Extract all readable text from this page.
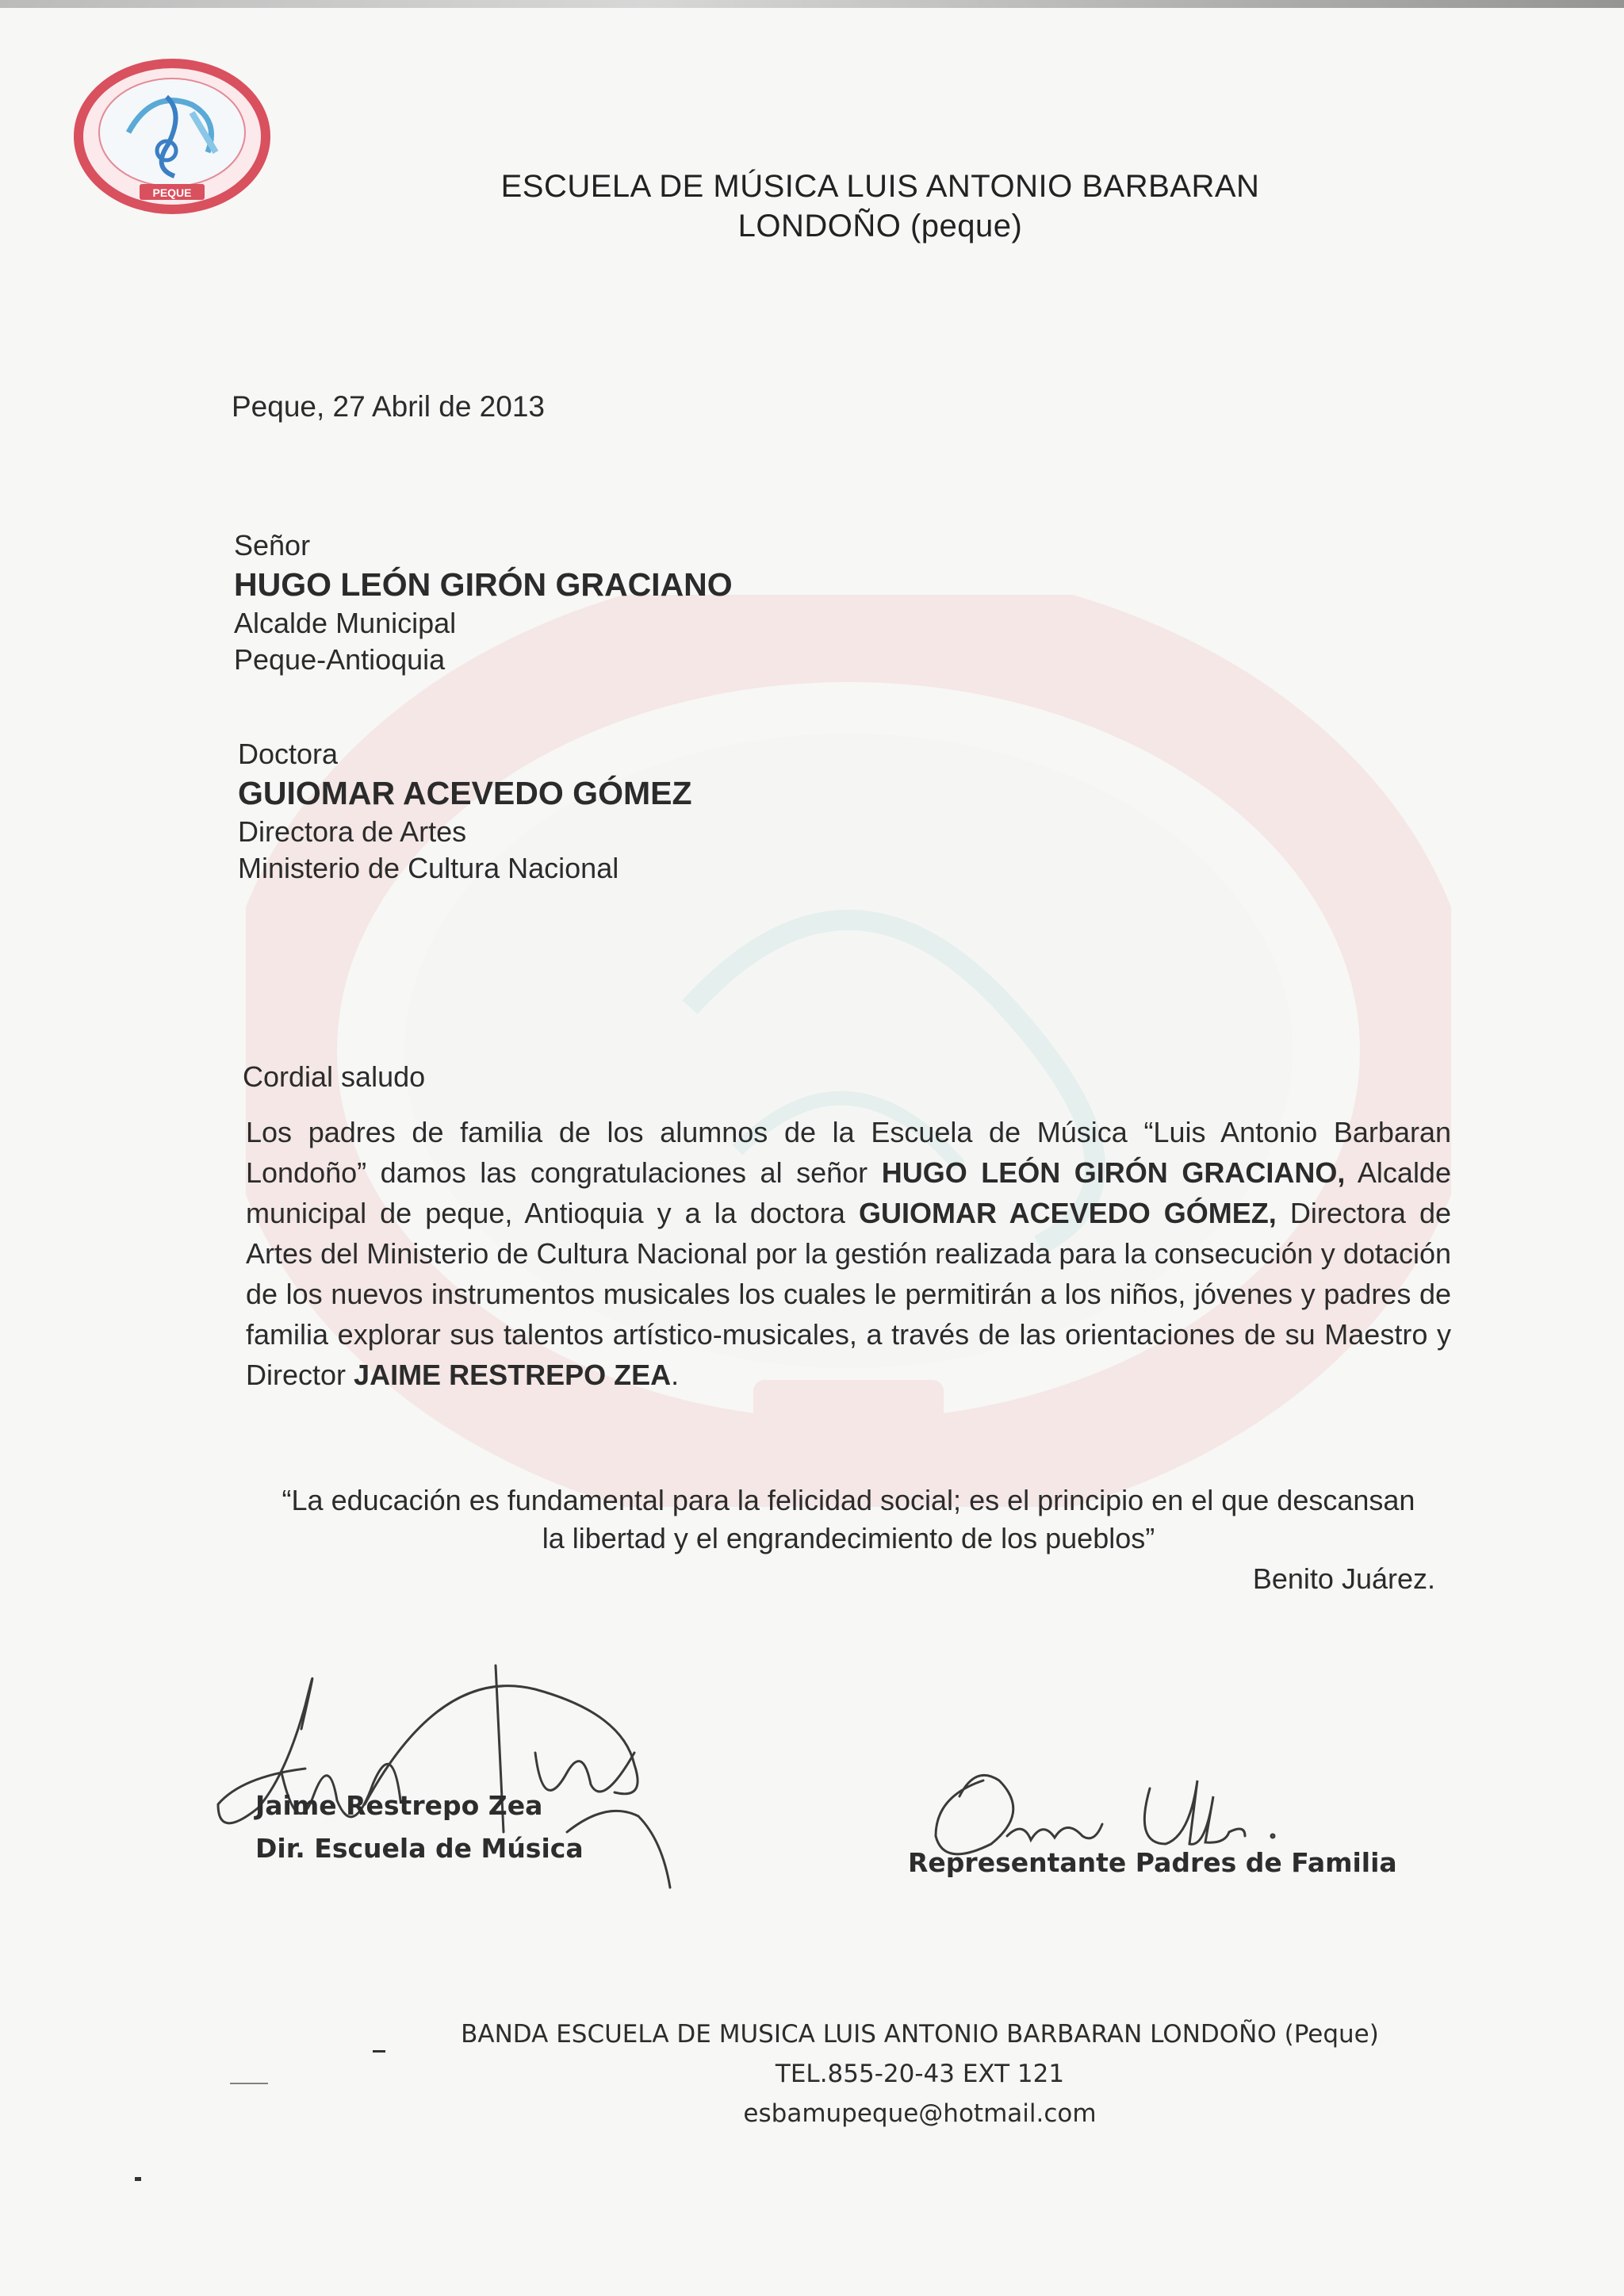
PEQUE	ESCUELA DE MÚSICA LUIS ANTONIO BARBARAN
LONDOÑO (peque)
Peque, 27 Abril de 2013
Señor
HUGO LEÓN GIRÓN GRACIANO
Alcalde Municipal
Peque-Antioquia
Doctora
GUIOMAR ACEVEDO GÓMEZ
Directora de Artes
Ministerio de Cultura Nacional
Cordial saludo
Los padres de familia de los alumnos de la Escuela de Música “Luis Antonio Barbaran Londoño” damos las congratulaciones al señor HUGO LEÓN GIRÓN GRACIANO, Alcalde municipal de peque, Antioquia y a la doctora GUIOMAR ACEVEDO GÓMEZ, Directora de Artes del Ministerio de Cultura Nacional por la gestión realizada para la consecución y dotación de los nuevos instrumentos musicales los cuales le permitirán a los niños, jóvenes y padres de familia explorar sus talentos artístico-musicales, a través de las orientaciones de su Maestro y Director JAIME RESTREPO ZEA.
“La educación es fundamental para la felicidad social; es el principio en el que descansan
la libertad y el engrandecimiento de los pueblos”
Benito Juárez.
Jaime Restrepo Zea
Dir. Escuela de Música	Representante Padres de Familia
BANDA ESCUELA DE MUSICA LUIS ANTONIO BARBARAN LONDOÑO (Peque)
TEL.855-20-43 EXT 121
esbamupeque@hotmail.com
